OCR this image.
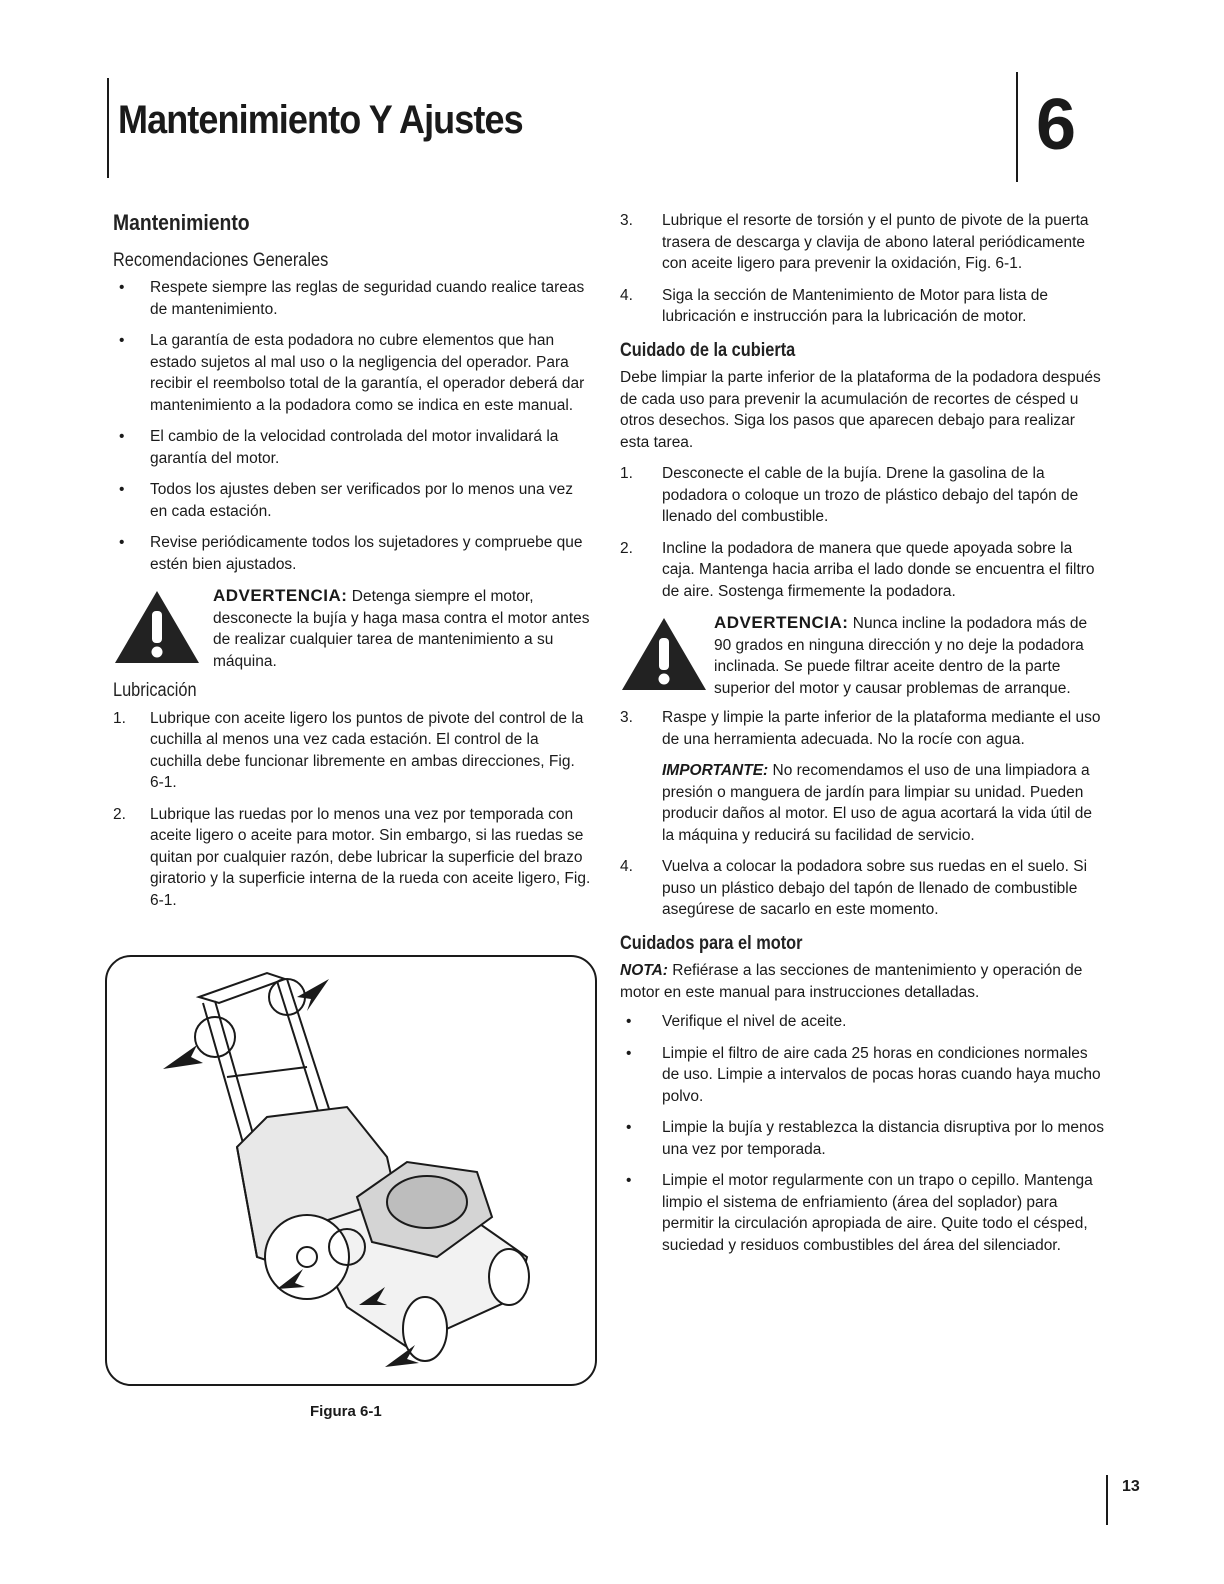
Mantenimiento Y Ajustes	6
Mantenimiento
Recomendaciones Generales
• Respete siempre las reglas de seguridad cuando realice tareas de mantenimiento.

• La garantía de esta podadora no cubre elementos que han estado sujetos al mal uso o la negligencia del operador. Para recibir el reembolso total de la garantía, el operador deberá dar mantenimiento a la podadora como se indica en este manual.

• El cambio de la velocidad controlada del motor invalidará la garantía del motor.

• Todos los ajustes deben ser verificados por lo menos una vez en cada estación.

• Revise periódicamente todos los sujetadores y compruebe que estén bien ajustados.

ADVERTENCIA: Detenga siempre el motor, desconecte la bujía y haga masa contra el motor antes de realizar cualquier tarea de mantenimiento a su máquina.

Lubricación
1. Lubrique con aceite ligero los puntos de pivote del control de la cuchilla al menos una vez cada estación. El control de la cuchilla debe funcionar libremente en ambas direcciones, Fig. 6-1.

2. Lubrique las ruedas por lo menos una vez por temporada con aceite ligero o aceite para motor. Sin embargo, si las ruedas se quitan por cualquier razón, debe lubricar la superficie del brazo giratorio y la superficie interna de la rueda con aceite ligero, Fig. 6-1.

Figura 6-1
3. Lubrique el resorte de torsión y el punto de pivote de la puerta trasera de descarga y clavija de abono lateral periódicamente con aceite ligero para prevenir la oxidación, Fig. 6-1.

4. Siga la sección de Mantenimiento de Motor para lista de lubricación e instrucción para la lubricación de motor.

Cuidado de la cubierta

Debe limpiar la parte inferior de la plataforma de la podadora después de cada uso para prevenir la acumulación de recortes de césped u otros desechos. Siga los pasos que aparecen debajo para realizar esta tarea.

1. Desconecte el cable de la bujía. Drene la gasolina de la podadora o coloque un trozo de plástico debajo del tapón de llenado del combustible.

2. Incline la podadora de manera que quede apoyada sobre la caja. Mantenga hacia arriba el lado donde se encuentra el filtro de aire. Sostenga firmemente la podadora.

ADVERTENCIA: Nunca incline la podadora más de 90 grados en ninguna dirección y no deje la podadora inclinada. Se puede filtrar aceite dentro de la parte superior del motor y causar problemas de arranque.

3. Raspe y limpie la parte inferior de la plataforma mediante el uso de una herramienta adecuada. No la rocíe con agua.

IMPORTANTE: No recomendamos el uso de una limpiadora a presión o manguera de jardín para limpiar su unidad. Pueden producir daños al motor. El uso de agua acortará la vida útil de la máquina y reducirá su facilidad de servicio.

4. Vuelva a colocar la podadora sobre sus ruedas en el suelo. Si puso un plástico debajo del tapón de llenado de combustible asegúrese de sacarlo en este momento.

Cuidados para el motor

NOTA: Refiérase a las secciones de mantenimiento y operación de motor en este manual para instrucciones detalladas.

• Verifique el nivel de aceite.

• Limpie el filtro de aire cada 25 horas en condiciones normales de uso. Limpie a intervalos de pocas horas cuando haya mucho polvo.

• Limpie la bujía y restablezca la distancia disruptiva por lo menos una vez por temporada.

• Limpie el motor regularmente con un trapo o cepillo. Mantenga limpio el sistema de enfriamiento (área del soplador) para permitir la circulación apropiada de aire. Quite todo el césped, suciedad y residuos combustibles del área del silenciador.

13
